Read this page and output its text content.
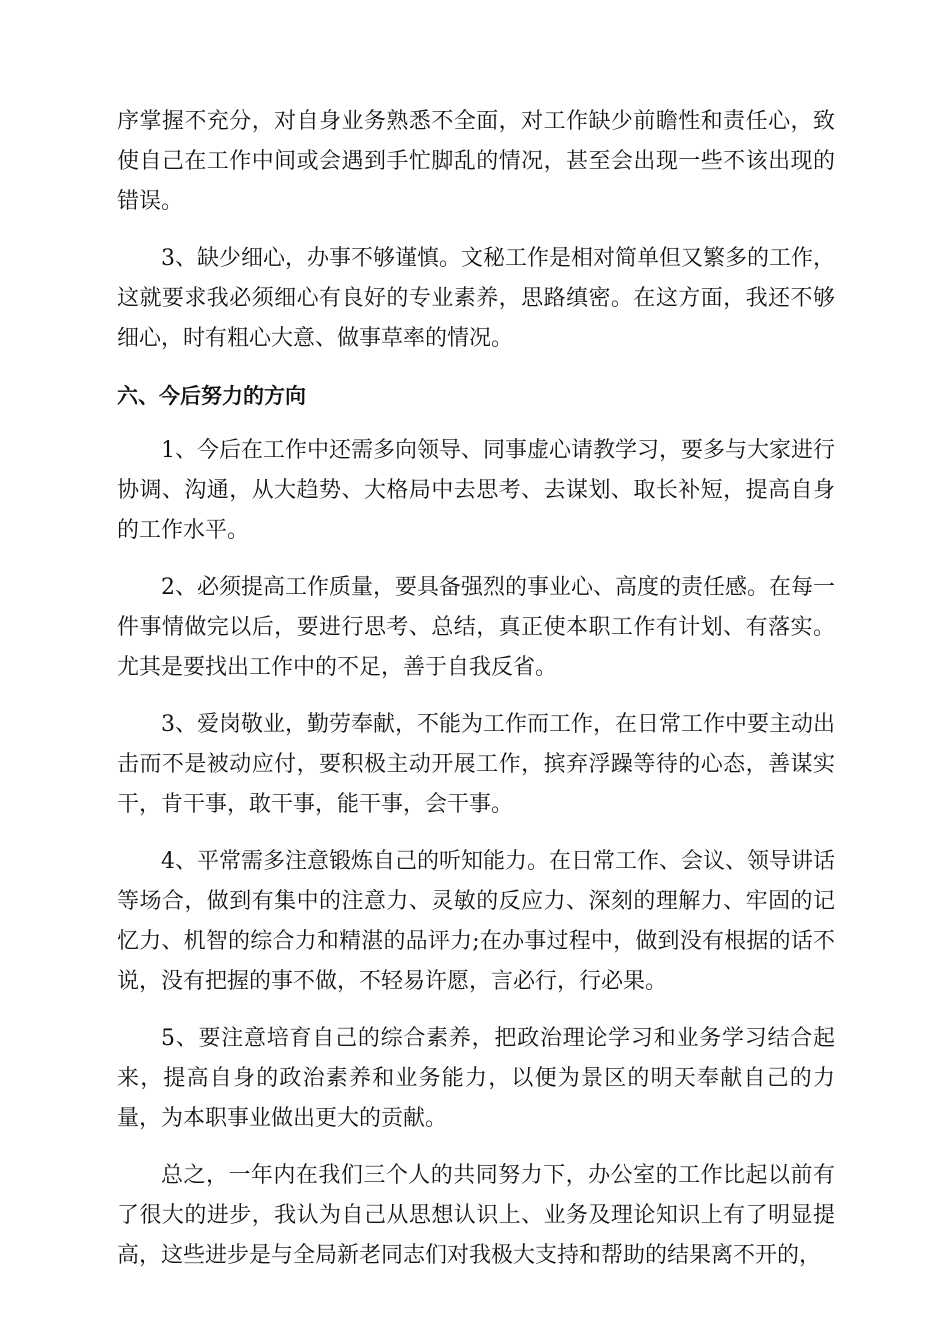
序掌握不充分，对自身业务熟悉不全面，对工作缺少前瞻性和责任心，致使自己在工作中间或会遇到手忙脚乱的情况，甚至会出现一些不该出现的错误。

3、缺少细心，办事不够谨慎。文秘工作是相对简单但又繁多的工作，这就要求我必须细心有良好的专业素养，思路缜密。在这方面，我还不够细心，时有粗心大意、做事草率的情况。

六、今后努力的方向

1、今后在工作中还需多向领导、同事虚心请教学习，要多与大家进行协调、沟通，从大趋势、大格局中去思考、去谋划、取长补短，提高自身的工作水平。

2、必须提高工作质量，要具备强烈的事业心、高度的责任感。在每一件事情做完以后，要进行思考、总结，真正使本职工作有计划、有落实。尤其是要找出工作中的不足，善于自我反省。

3、爱岗敬业，勤劳奉献，不能为工作而工作，在日常工作中要主动出击而不是被动应付，要积极主动开展工作，摈弃浮躁等待的心态，善谋实干，肯干事，敢干事，能干事，会干事。

4、平常需多注意锻炼自己的听知能力。在日常工作、会议、领导讲话等场合，做到有集中的注意力、灵敏的反应力、深刻的理解力、牢固的记忆力、机智的综合力和精湛的品评力;在办事过程中，做到没有根据的话不说，没有把握的事不做，不轻易许愿，言必行，行必果。

5、要注意培育自己的综合素养，把政治理论学习和业务学习结合起来，提高自身的政治素养和业务能力，以便为景区的明天奉献自己的力量，为本职事业做出更大的贡献。

总之，一年内在我们三个人的共同努力下，办公室的工作比起以前有了很大的进步，我认为自己从思想认识上、业务及理论知识上有了明显提高，这些进步是与全局新老同志们对我极大支持和帮助的结果离不开的，
